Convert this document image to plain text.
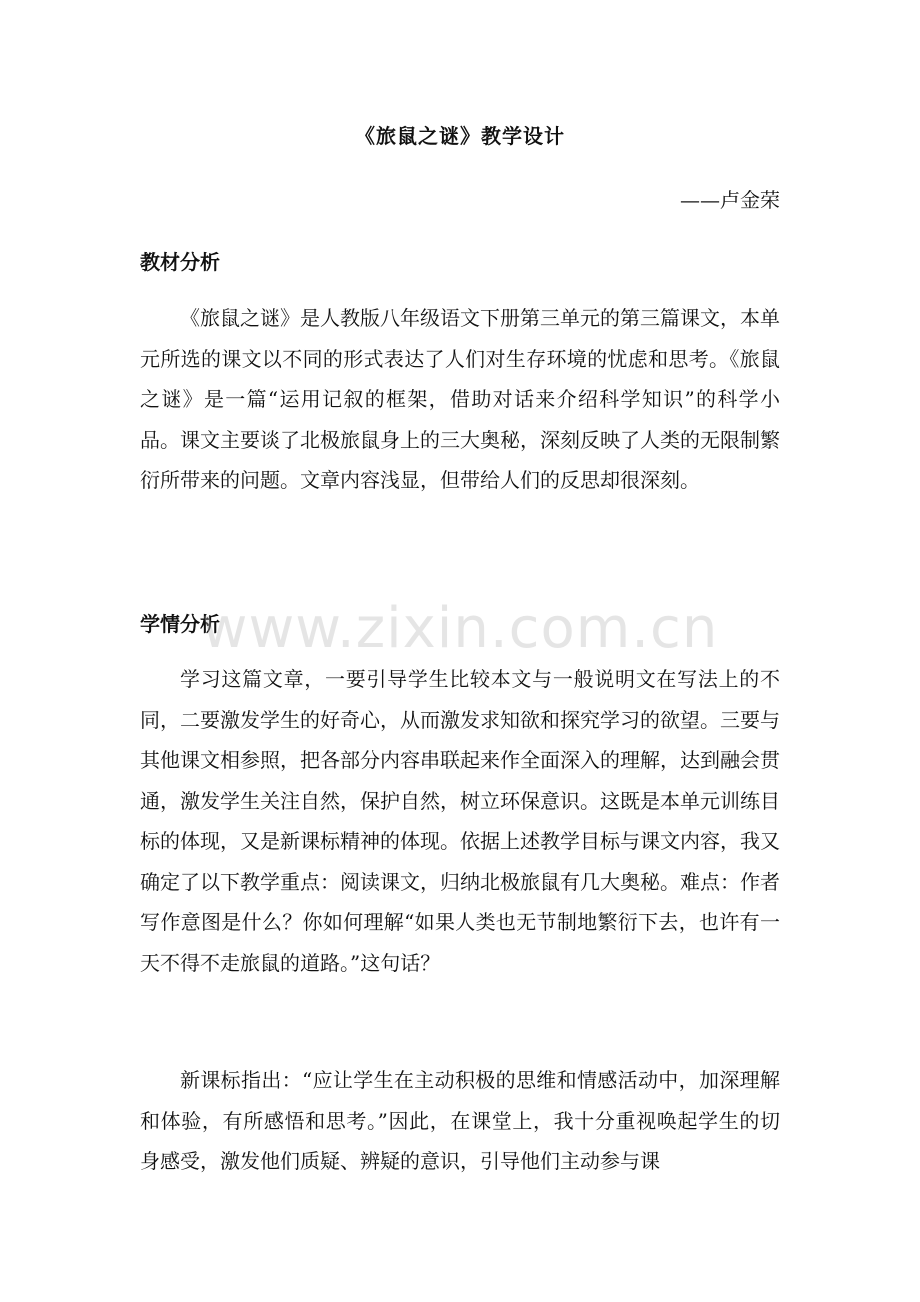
《旅鼠之谜》教学设计
——卢金荣
教材分析

《旅鼠之谜》是人教版八年级语文下册第三单元的第三篇课文，本单元所选的课文以不同的形式表达了人们对生存环境的忧虑和思考。《旅鼠之谜》是一篇“运用记叙的框架，借助对话来介绍科学知识”的科学小品。课文主要谈了北极旅鼠身上的三大奥秘，深刻反映了人类的无限制繁衍所带来的问题。文章内容浅显，但带给人们的反思却很深刻。

学情分析

学习这篇文章，一要引导学生比较本文与一般说明文在写法上的不同，二要激发学生的好奇心，从而激发求知欲和探究学习的欲望。三要与其他课文相参照，把各部分内容串联起来作全面深入的理解，达到融会贯通，激发学生关注自然，保护自然，树立环保意识。这既是本单元训练目标的体现，又是新课标精神的体现。依据上述教学目标与课文内容，我又确定了以下教学重点：阅读课文，归纳北极旅鼠有几大奥秘。难点：作者写作意图是什么？你如何理解“如果人类也无节制地繁衍下去，也许有一天不得不走旅鼠的道路。”这句话？

新课标指出：“应让学生在主动积极的思维和情感活动中，加深理解和体验，有所感悟和思考。”因此，在课堂上，我十分重视唤起学生的切身感受，激发他们质疑、辨疑的意识，引导他们主动参与课

www.zixin.com.cn
